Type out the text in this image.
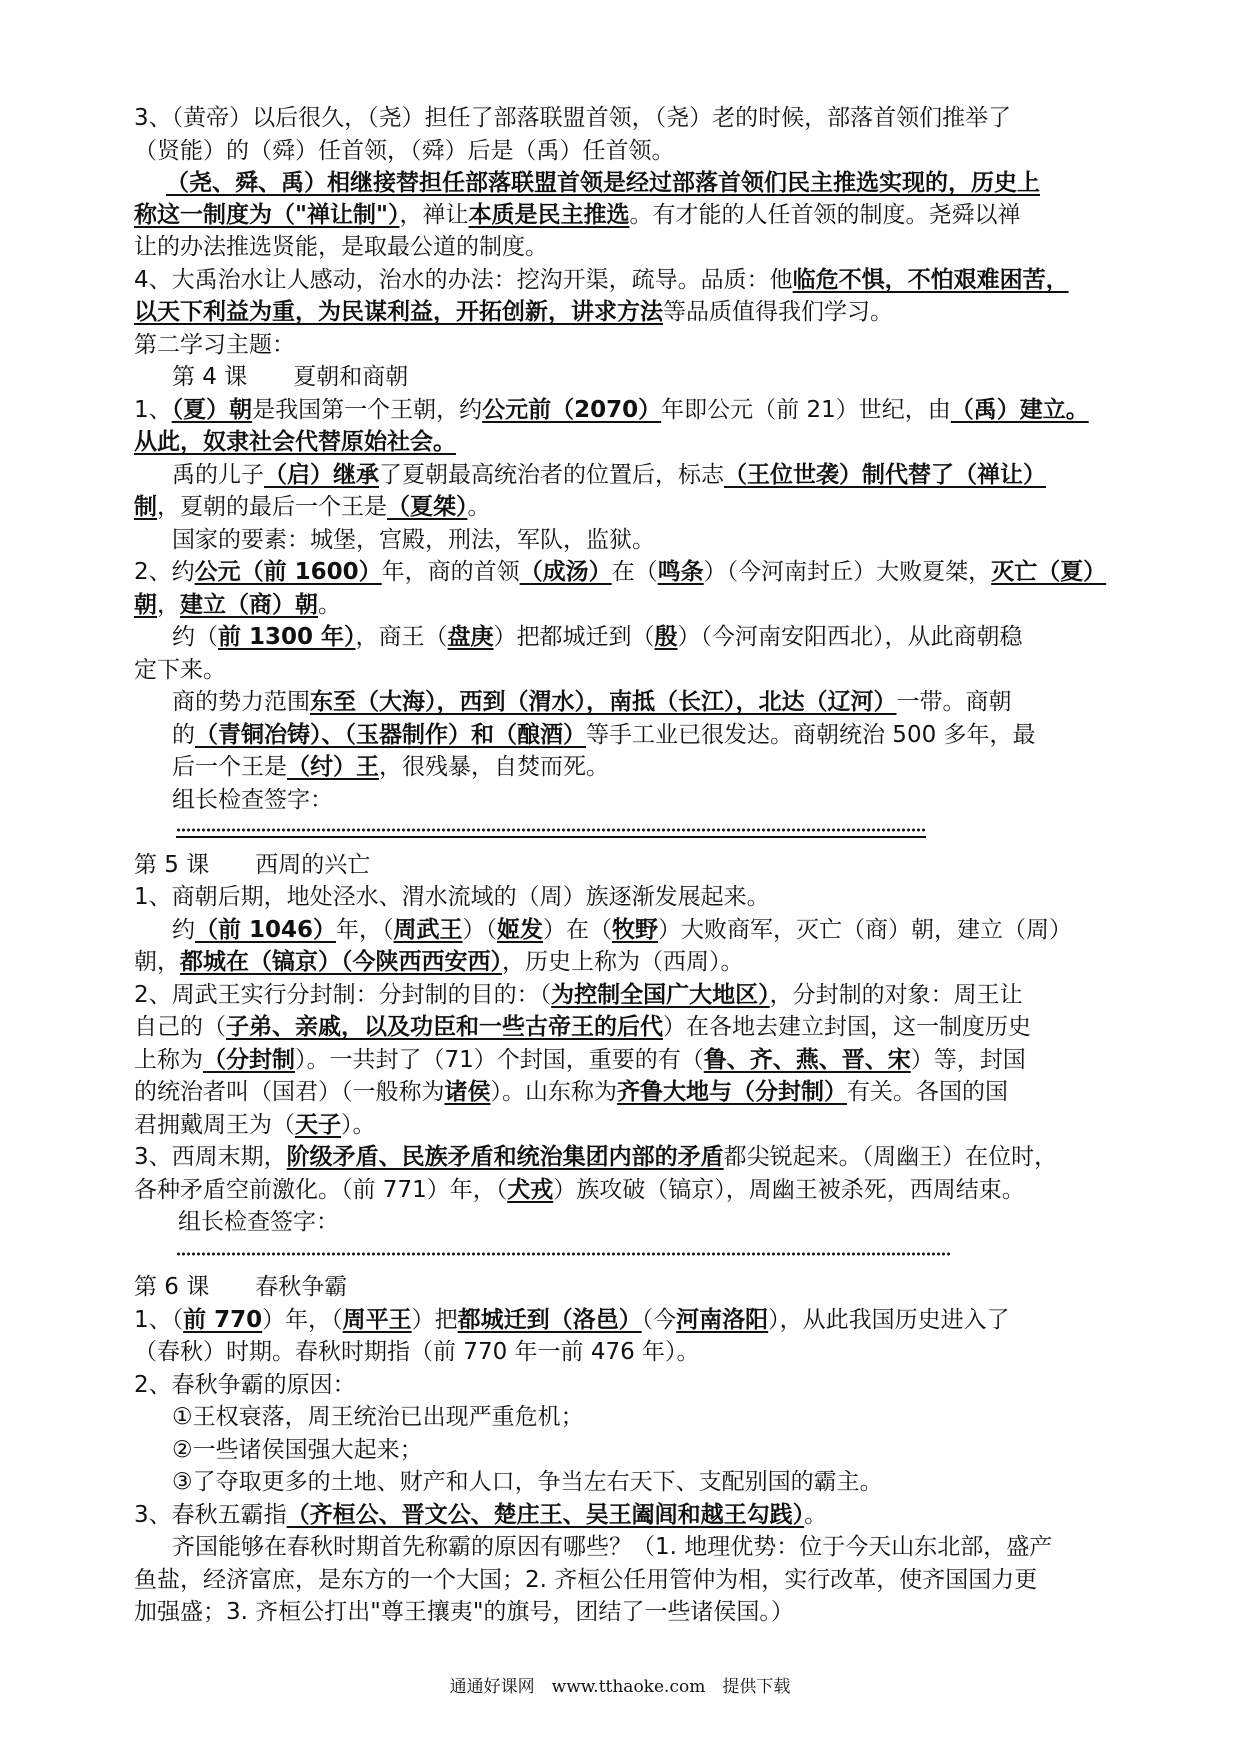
3、（黄帝）以后很久，（尧）担任了部落联盟首领，（尧）老的时候，部落首领们推举了
（贤能）的（舜）任首领，（舜）后是（禹）任首领。
（尧、舜、禹）相继接替担任部落联盟首领是经过部落首领们民主推选实现的，历史上
称这一制度为（"禅让制"），禅让本质是民主推选。有才能的人任首领的制度。尧舜以禅
让的办法推选贤能，是取最公道的制度。
4、大禹治水让人感动，治水的办法：挖沟开渠，疏导。品质：他临危不惧，不怕艰难困苦，
以天下利益为重，为民谋利益，开拓创新，讲求方法等品质值得我们学习。
第二学习主题：
第 4 课　　夏朝和商朝
1、（夏）朝是我国第一个王朝，约公元前（2070）年即公元（前 21）世纪，由（禹）建立。
从此，奴隶社会代替原始社会。
禹的儿子（启）继承了夏朝最高统治者的位置后，标志（王位世袭）制代替了（禅让）
制，夏朝的最后一个王是（夏桀）。
国家的要素：城堡，宫殿，刑法，军队，监狱。
2、约公元（前 1600）年，商的首领（成汤）在（鸣条）（今河南封丘）大败夏桀，灭亡（夏）
朝，建立（商）朝。
约（前 1300 年），商王（盘庚）把都城迁到（殷）（今河南安阳西北），从此商朝稳
定下来。
商的势力范围东至（大海），西到（渭水），南抵（长江），北达（辽河）一带。商朝
的（青铜冶铸）、（玉器制作）和（酿酒）等手工业已很发达。商朝统治 500 多年，最
后一个王是（纣）王，很残暴，自焚而死。
组长检查签字：
第 5 课　　西周的兴亡
1、商朝后期，地处泾水、渭水流域的（周）族逐渐发展起来。
约（前 1046）年，（周武王）（姬发）在（牧野）大败商军，灭亡（商）朝，建立（周）
朝，都城在（镐京）（今陕西西安西），历史上称为（西周）。
2、周武王实行分封制：分封制的目的：（为控制全国广大地区），分封制的对象：周王让
自己的（子弟、亲戚，以及功臣和一些古帝王的后代）在各地去建立封国，这一制度历史
上称为（分封制）。一共封了（71）个封国，重要的有（鲁、齐、燕、晋、宋）等，封国
的统治者叫（国君）（一般称为诸侯）。山东称为齐鲁大地与（分封制）有关。各国的国
君拥戴周王为（天子）。
3、西周末期，阶级矛盾、民族矛盾和统治集团内部的矛盾都尖锐起来。（周幽王）在位时，
各种矛盾空前激化。（前 771）年，（犬戎）族攻破（镐京），周幽王被杀死，西周结束。
组长检查签字：
第 6 课　　春秋争霸
1、（前 770）年，（周平王）把都城迁到（洛邑）（今河南洛阳），从此我国历史进入了
（春秋）时期。春秋时期指（前 770 年一前 476 年）。
2、春秋争霸的原因：
①王权衰落，周王统治已出现严重危机；
②一些诸侯国强大起来；
③了夺取更多的土地、财产和人口，争当左右天下、支配别国的霸主。
3、春秋五霸指（齐桓公、晋文公、楚庄王、吴王阖闾和越王勾践）。
齐国能够在春秋时期首先称霸的原因有哪些？（1. 地理优势：位于今天山东北部，盛产
鱼盐，经济富庶，是东方的一个大国；2. 齐桓公任用管仲为相，实行改革，使齐国国力更
加强盛；3. 齐桓公打出"尊王攘夷"的旗号，团结了一些诸侯国。）
通通好课网　www.tthaoke.com　提供下载
